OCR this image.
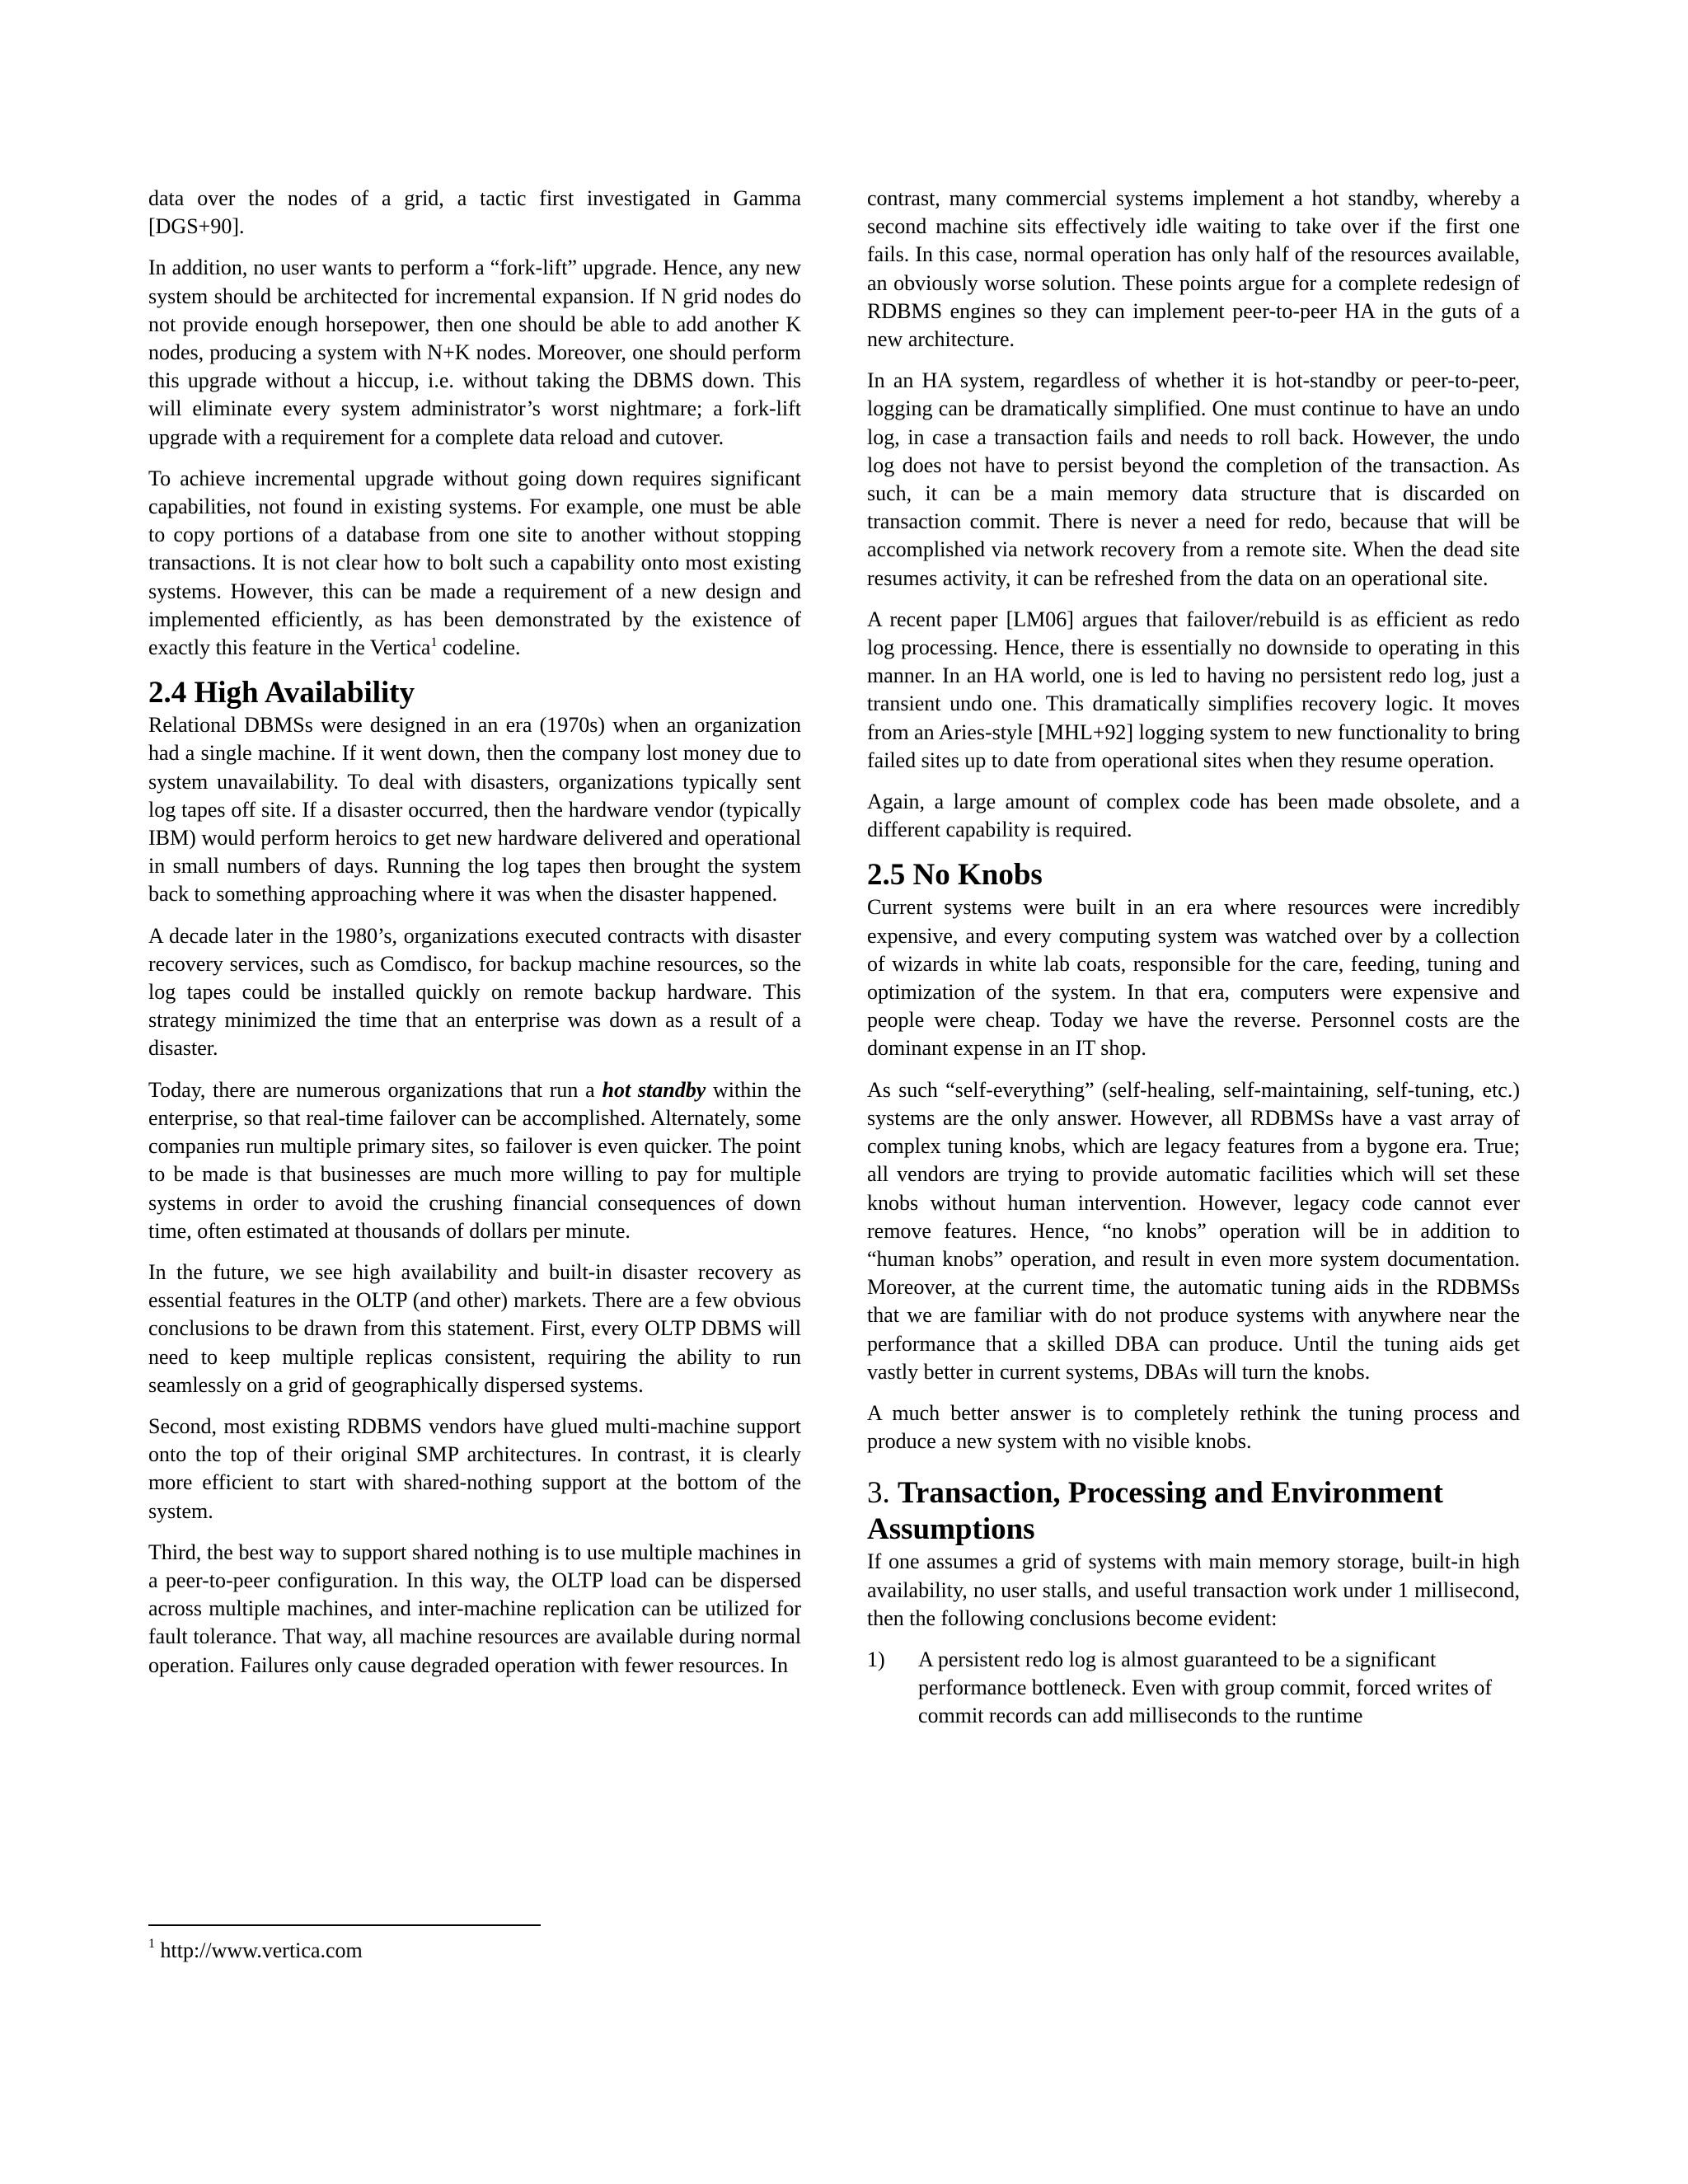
data over the nodes of a grid, a tactic first investigated in Gamma [DGS+90].

In addition, no user wants to perform a “fork-lift” upgrade. Hence, any new system should be architected for incremental expansion. If N grid nodes do not provide enough horsepower, then one should be able to add another K nodes, producing a system with N+K nodes. Moreover, one should perform this upgrade without a hiccup, i.e. without taking the DBMS down. This will eliminate every system administrator’s worst nightmare; a fork-lift upgrade with a requirement for a complete data reload and cutover.

To achieve incremental upgrade without going down requires significant capabilities, not found in existing systems. For example, one must be able to copy portions of a database from one site to another without stopping transactions. It is not clear how to bolt such a capability onto most existing systems. However, this can be made a requirement of a new design and implemented efficiently, as has been demonstrated by the existence of exactly this feature in the Vertica$^1$ codeline.

2.4 High Availability

Relational DBMSs were designed in an era (1970s) when an organization had a single machine. If it went down, then the company lost money due to system unavailability. To deal with disasters, organizations typically sent log tapes off site. If a disaster occurred, then the hardware vendor (typically IBM) would perform heroics to get new hardware delivered and operational in small numbers of days. Running the log tapes then brought the system back to something approaching where it was when the disaster happened.

A decade later in the 1980’s, organizations executed contracts with disaster recovery services, such as Comdisco, for backup machine resources, so the log tapes could be installed quickly on remote backup hardware. This strategy minimized the time that an enterprise was down as a result of a disaster.

Today, there are numerous organizations that run a hot standby within the enterprise, so that real-time failover can be accomplished. Alternately, some companies run multiple primary sites, so failover is even quicker. The point to be made is that businesses are much more willing to pay for multiple systems in order to avoid the crushing financial consequences of down time, often estimated at thousands of dollars per minute.

In the future, we see high availability and built-in disaster recovery as essential features in the OLTP (and other) markets. There are a few obvious conclusions to be drawn from this statement. First, every OLTP DBMS will need to keep multiple replicas consistent, requiring the ability to run seamlessly on a grid of geographically dispersed systems.

Second, most existing RDBMS vendors have glued multi-machine support onto the top of their original SMP architectures. In contrast, it is clearly more efficient to start with shared-nothing support at the bottom of the system.

Third, the best way to support shared nothing is to use multiple machines in a peer-to-peer configuration. In this way, the OLTP load can be dispersed across multiple machines, and inter-machine replication can be utilized for fault tolerance. That way, all machine resources are available during normal operation. Failures only cause degraded operation with fewer resources. In

$^1$ http://www.vertica.com

contrast, many commercial systems implement a hot standby, whereby a second machine sits effectively idle waiting to take over if the first one fails. In this case, normal operation has only half of the resources available, an obviously worse solution. These points argue for a complete redesign of RDBMS engines so they can implement peer-to-peer HA in the guts of a new architecture.

In an HA system, regardless of whether it is hot-standby or peer-to-peer, logging can be dramatically simplified. One must continue to have an undo log, in case a transaction fails and needs to roll back. However, the undo log does not have to persist beyond the completion of the transaction. As such, it can be a main memory data structure that is discarded on transaction commit. There is never a need for redo, because that will be accomplished via network recovery from a remote site. When the dead site resumes activity, it can be refreshed from the data on an operational site.

A recent paper [LM06] argues that failover/rebuild is as efficient as redo log processing. Hence, there is essentially no downside to operating in this manner. In an HA world, one is led to having no persistent redo log, just a transient undo one. This dramatically simplifies recovery logic. It moves from an Aries-style [MHL+92] logging system to new functionality to bring failed sites up to date from operational sites when they resume operation.

Again, a large amount of complex code has been made obsolete, and a different capability is required.

2.5 No Knobs

Current systems were built in an era where resources were incredibly expensive, and every computing system was watched over by a collection of wizards in white lab coats, responsible for the care, feeding, tuning and optimization of the system. In that era, computers were expensive and people were cheap. Today we have the reverse. Personnel costs are the dominant expense in an IT shop.

As such “self-everything” (self-healing, self-maintaining, self-tuning, etc.) systems are the only answer. However, all RDBMSs have a vast array of complex tuning knobs, which are legacy features from a bygone era. True; all vendors are trying to provide automatic facilities which will set these knobs without human intervention. However, legacy code cannot ever remove features. Hence, “no knobs” operation will be in addition to “human knobs” operation, and result in even more system documentation. Moreover, at the current time, the automatic tuning aids in the RDBMSs that we are familiar with do not produce systems with anywhere near the performance that a skilled DBA can produce. Until the tuning aids get vastly better in current systems, DBAs will turn the knobs.

A much better answer is to completely rethink the tuning process and produce a new system with no visible knobs.

3. Transaction, Processing and Environment Assumptions

If one assumes a grid of systems with main memory storage, built-in high availability, no user stalls, and useful transaction work under 1 millisecond, then the following conclusions become evident:

1) A persistent redo log is almost guaranteed to be a significant performance bottleneck. Even with group commit, forced writes of commit records can add milliseconds to the runtime
